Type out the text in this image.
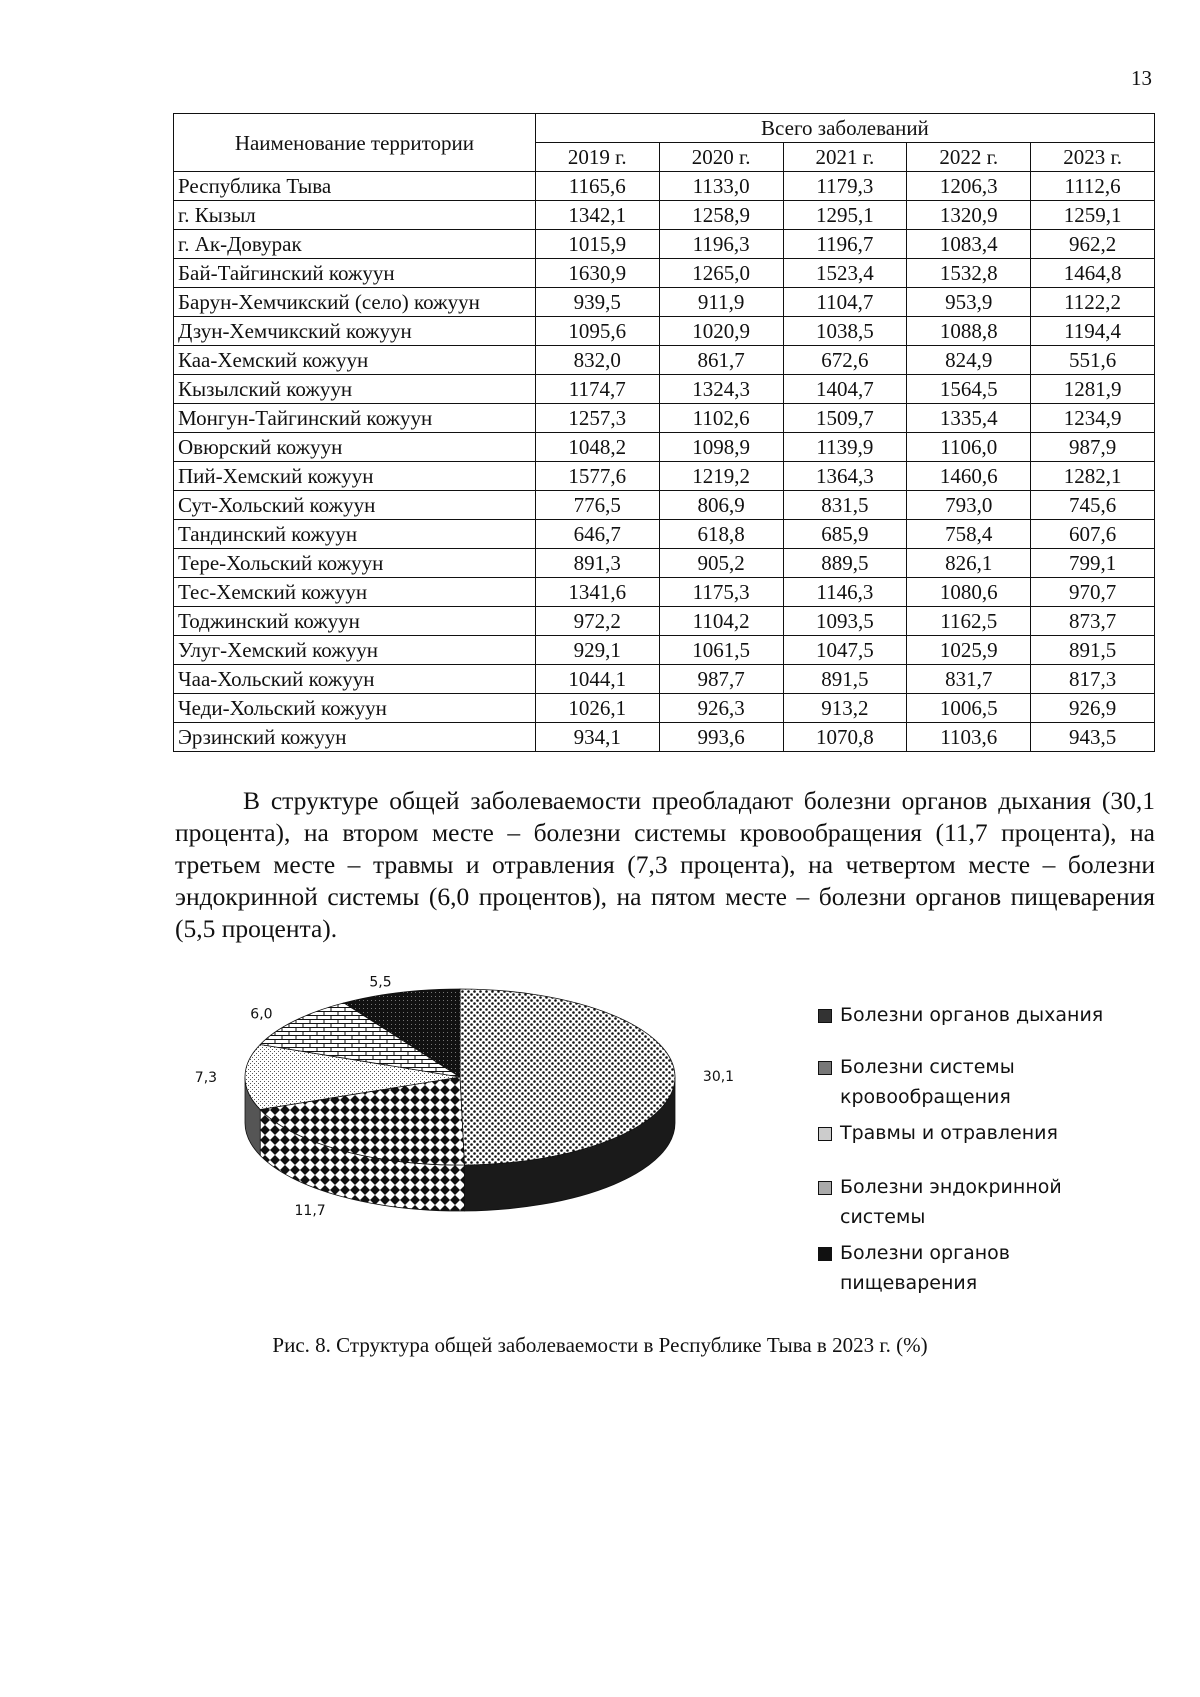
13
Наименование территории	Всего заболеваний				
	2019 г.	2020 г.	2021 г.	2022 г.	2023 г.
Республика Тыва	1165,6	1133,0	1179,3	1206,3	1112,6
г. Кызыл	1342,1	1258,9	1295,1	1320,9	1259,1
г. Ак-Довурак	1015,9	1196,3	1196,7	1083,4	962,2
Бай-Тайгинский кожуун	1630,9	1265,0	1523,4	1532,8	1464,8
Барун-Хемчикский (село) кожуун	939,5	911,9	1104,7	953,9	1122,2
Дзун-Хемчикский кожуун	1095,6	1020,9	1038,5	1088,8	1194,4
Каа-Хемский кожуун	832,0	861,7	672,6	824,9	551,6
Кызылский кожуун	1174,7	1324,3	1404,7	1564,5	1281,9
Монгун-Тайгинский кожуун	1257,3	1102,6	1509,7	1335,4	1234,9
Овюрский кожуун	1048,2	1098,9	1139,9	1106,0	987,9
Пий-Хемский кожуун	1577,6	1219,2	1364,3	1460,6	1282,1
Сут-Хольский кожуун	776,5	806,9	831,5	793,0	745,6
Тандинский кожуун	646,7	618,8	685,9	758,4	607,6
Тере-Хольский кожуун	891,3	905,2	889,5	826,1	799,1
Тес-Хемский кожуун	1341,6	1175,3	1146,3	1080,6	970,7
Тоджинский кожуун	972,2	1104,2	1093,5	1162,5	873,7
Улуг-Хемский кожуун	929,1	1061,5	1047,5	1025,9	891,5
Чаа-Хольский кожуун	1044,1	987,7	891,5	831,7	817,3
Чеди-Хольский кожуун	1026,1	926,3	913,2	1006,5	926,9
Эрзинский кожуун	934,1	993,6	1070,8	1103,6	943,5

В структуре общей заболеваемости преобладают болезни органов дыхания (30,1 процента), на втором месте – болезни системы кровообращения (11,7 процента), на третьем месте – травмы и отравления (7,3 процента), на четвертом месте – болезни эндокринной системы (6,0 процентов), на пятом месте – болезни органов пищеварения (5,5 процента).

30,1
11,7
7,3
6,0
5,5
Болезни органов дыхания
Болезни системы кровообращения
Травмы и отравления
Болезни эндокринной системы
Болезни органов пищеварения
Рис. 8. Структура общей заболеваемости в Республике Тыва в 2023 г. (%)
